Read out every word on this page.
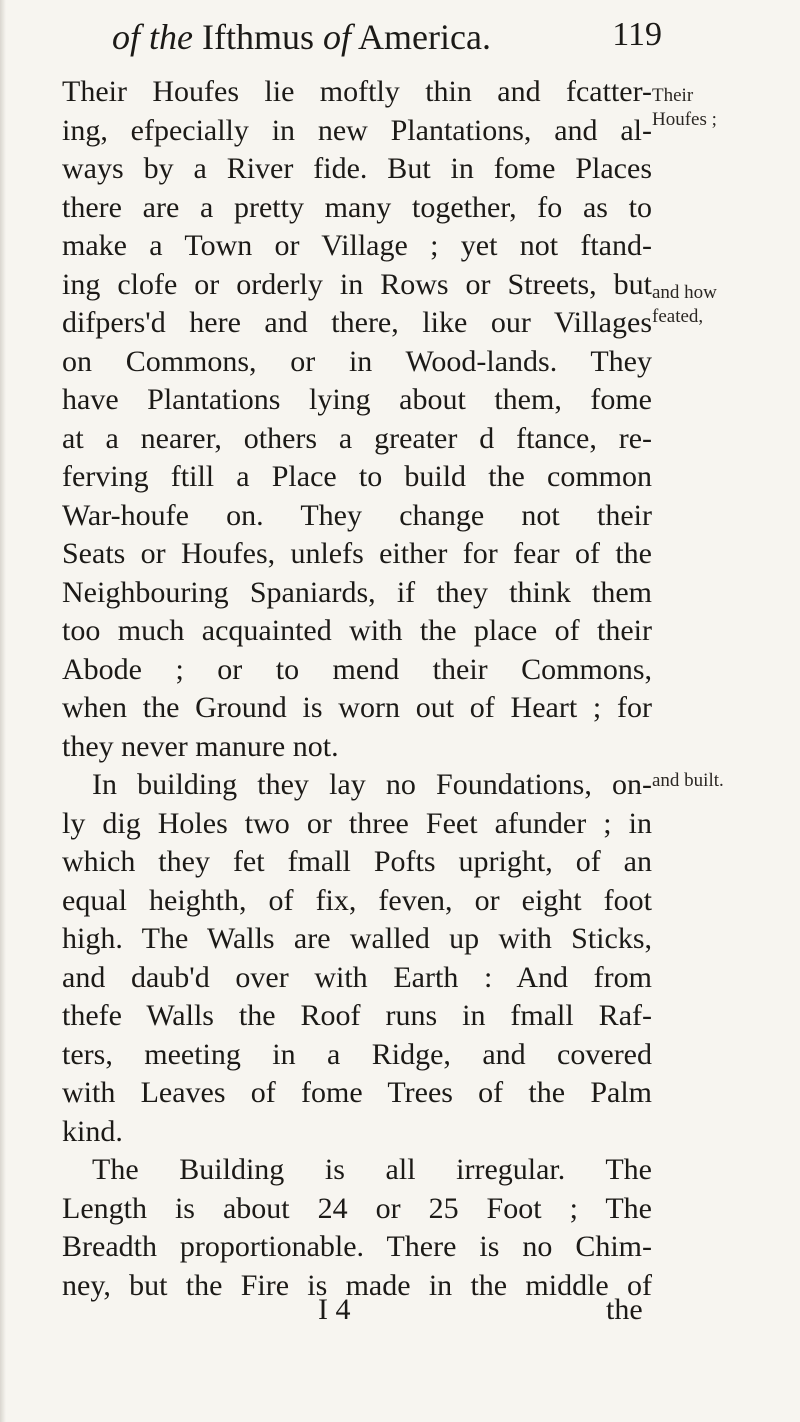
of the Ifthmus of America.	119
Their Houfes lie moftly thin and fcatter-
ing, efpecially in new Plantations, and al-
ways by a River fide. But in fome Places
there are a pretty many together, fo as to
make a Town or Village ; yet not ftand-
ing clofe or orderly in Rows or Streets, but
difpers'd here and there, like our Villages
on Commons, or in Wood-lands. They
have Plantations lying about them, fome
at a nearer, others a greater d ftance, re-
ferving ftill a Place to build the common
War-houfe on. They change not their
Seats or Houfes, unlefs either for fear of the
Neighbouring Spaniards, if they think them
too much acquainted with the place of their
Abode ; or to mend their Commons,
when the Ground is worn out of Heart ; for
they never manure not.
In building they lay no Foundations, on-
ly dig Holes two or three Feet afunder ; in
which they fet fmall Pofts upright, of an
equal heighth, of fix, feven, or eight foot
high. The Walls are walled up with Sticks,
and daub'd over with Earth : And from
thefe Walls the Roof runs in fmall Raf-
ters, meeting in a Ridge, and covered
with Leaves of fome Trees of the Palm
kind.
The Building is all irregular. The
Length is about 24 or 25 Foot ; The
Breadth proportionable. There is no Chim-
ney, but the Fire is made in the middle of
Their
Houfes ;
and how
feated,
and built.
I 4	the
